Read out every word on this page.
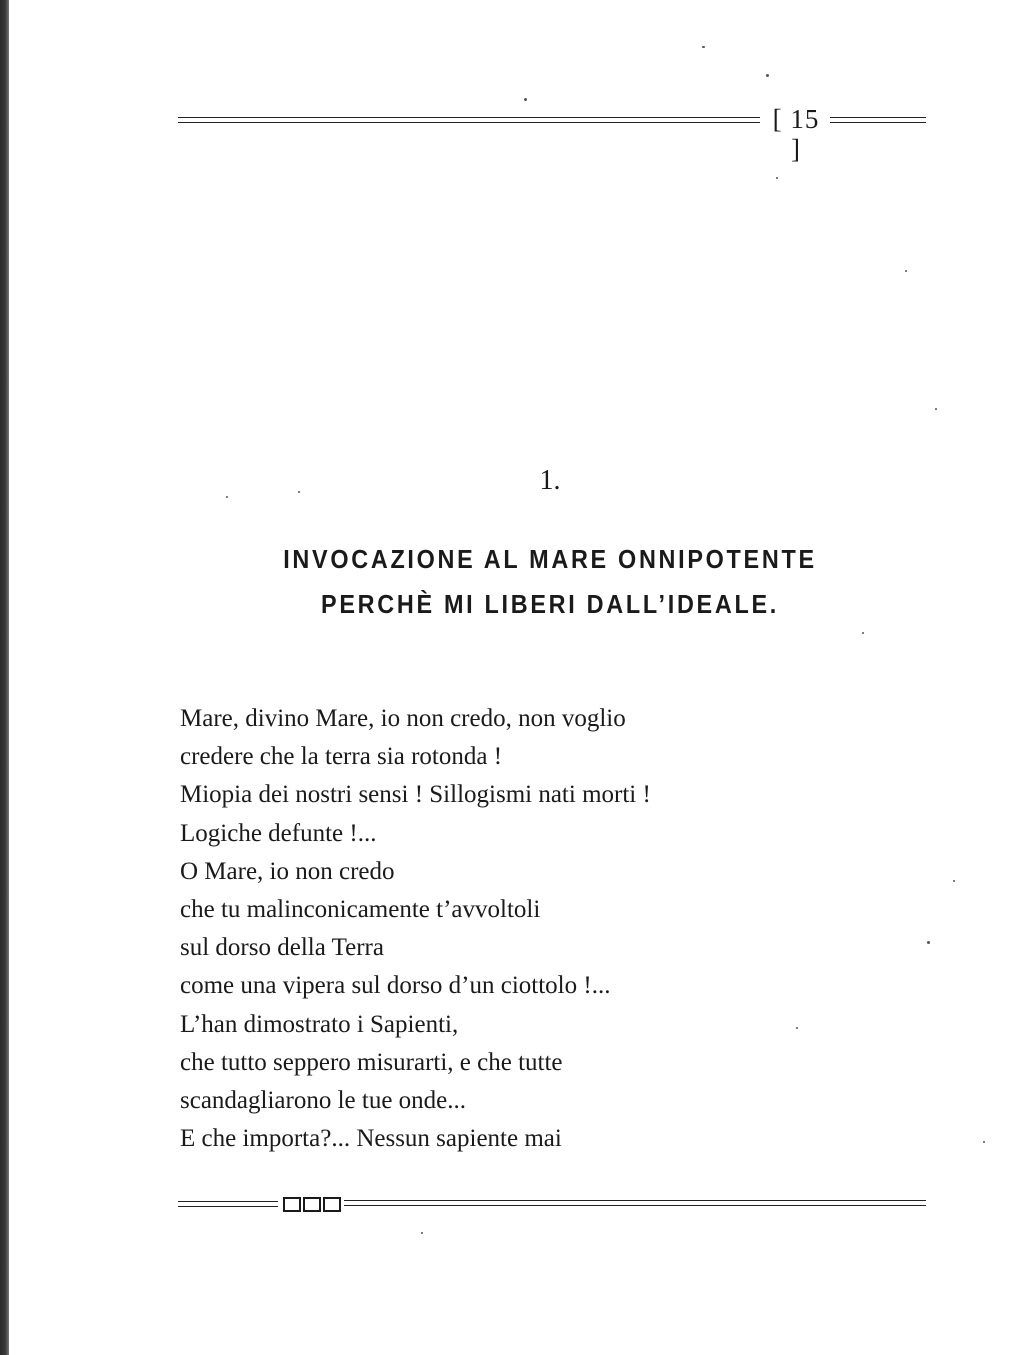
[ 15 ]
1.
INVOCAZIONE AL MARE ONNIPOTENTE
PERCHÈ MI LIBERI DALL’IDEALE.
Mare, divino Mare, io non credo, non voglio
credere che la terra sia rotonda !
Miopia dei nostri sensi ! Sillogismi nati morti !
Logiche defunte !...
O Mare, io non credo
che tu malinconicamente t’avvoltoli
sul dorso della Terra
come una vipera sul dorso d’un ciottolo !...
L’han dimostrato i Sapienti,
che tutto seppero misurarti, e che tutte
scandagliarono le tue onde...
E che importa?... Nessun sapiente mai
